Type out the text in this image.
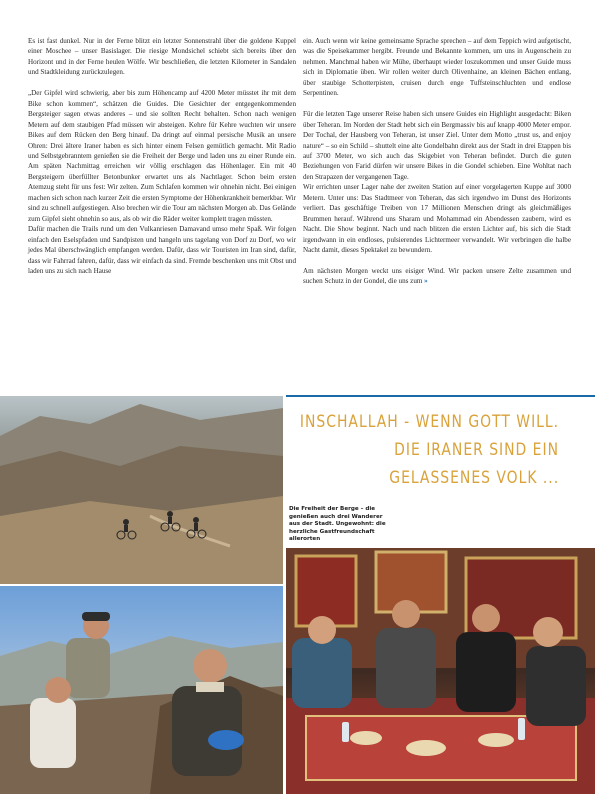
Es ist fast dunkel. Nur in der Ferne blitzt ein letzter Sonnenstrahl über die goldene Kuppel einer Moschee – unser Basislager. Die riesige Mondsichel schiebt sich bereits über den Horizont und in der Ferne heulen Wölfe. Wir beschließen, die letzten Kilometer in Sandalen und Stadtkleidung zurückzulegen.

„Der Gipfel wird schwierig, aber bis zum Höhencamp auf 4200 Meter müsstet ihr mit dem Bike schon kommen“, schätzen die Guides. Die Gesichter der entgegenkommenden Bergsteiger sagen etwas anderes – und sie sollten Recht behalten. Schon nach wenigen Metern auf dem staubigen Pfad müssen wir absteigen. Kehre für Kehre wuchten wir unsere Bikes auf dem Rücken den Berg hinauf. Da dringt auf einmal persische Musik an unsere Ohren: Drei ältere Iraner haben es sich hinter einem Felsen gemütlich gemacht. Mit Radio und Selbstgebranntem genießen sie die Freiheit der Berge und laden uns zu einer Runde ein. Am späten Nachmittag erreichen wir völlig erschlagen das Höhenlager. Ein mit 40 Bergsteigern überfüllter Betonbunker erwartet uns als Nachtlager. Schon beim ersten Atemzug steht für uns fest: Wir zelten. Zum Schlafen kommen wir ohnehin nicht. Bei einigen machen sich schon nach kurzer Zeit die ersten Symptome der Höhenkrankheit bemerkbar. Wir sind zu schnell aufgestiegen. Also brechen wir die Tour am nächsten Morgen ab. Das Gelände zum Gipfel sieht ohnehin so aus, als ob wir die Räder weiter komplett tragen müssten.

Dafür machen die Trails rund um den Vulkanriesen Damavand umso mehr Spaß. Wir folgen einfach den Eselspfaden und Sandpisten und hangeln uns tagelang von Dorf zu Dorf, wo wir jedes Mal überschwänglich empfangen werden. Dafür, dass wir Touristen im Iran sind, dafür, dass wir Fahrrad fahren, dafür, dass wir einfach da sind. Fremde beschenken uns mit Obst und laden uns zu sich nach Hause

ein. Auch wenn wir keine gemeinsame Sprache sprechen – auf dem Teppich wird aufgetischt, was die Speisekammer hergibt. Freunde und Bekannte kommen, um uns in Augenschein zu nehmen. Manchmal haben wir Mühe, überhaupt wieder loszukommen und unser Guide muss sich in Diplomatie üben. Wir rollen weiter durch Olivenhaine, an kleinen Bächen entlang, über staubige Schotterpisten, cruisen durch enge Tuffsteinschluchten und endlose Serpentinen.

Für die letzten Tage unserer Reise haben sich unsere Guides ein Highlight ausgedacht: Biken über Teheran. Im Norden der Stadt hebt sich ein Bergmassiv bis auf knapp 4000 Meter empor. Der Tochal, der Hausberg von Teheran, ist unser Ziel. Unter dem Motto „trust us, and enjoy nature“ – so ein Schild – shuttelt eine alte Gondelbahn direkt aus der Stadt in drei Etappen bis auf 3700 Meter, wo sich auch das Skigebiet von Teheran befindet. Durch die guten Beziehungen von Farid dürfen wir unsere Bikes in die Gondel schieben. Eine Wohltat nach den Strapazen der vergangenen Tage.

Wir errichten unser Lager nahe der zweiten Station auf einer vorgelagerten Kuppe auf 3000 Metern. Unter uns: Das Stadtmeer von Teheran, das sich irgendwo im Dunst des Horizonts verliert. Das geschäftige Treiben von 17 Millionen Menschen dringt als gleichmäßiges Brummen herauf. Während uns Sharam und Mohammad ein Abendessen zaubern, wird es Nacht. Die Show beginnt. Nach und nach blitzen die ersten Lichter auf, bis sich die Stadt irgendwann in ein endloses, pulsierendes Lichtermeer verwandelt. Wir verbringen die halbe Nacht damit, dieses Spektakel zu bewundern.

Am nächsten Morgen weckt uns eisiger Wind. Wir packen unsere Zelte zusammen und suchen Schutz in der Gondel, die uns zum »

INSCHALLAH - WENN GOTT WILL.
DIE IRANER SIND EIN
GELASSENES VOLK ...
Die Freiheit der Berge – die genießen auch drei Wanderer aus der Stadt. Ungewohnt: die herzliche Gastfreundschaft allerorten
